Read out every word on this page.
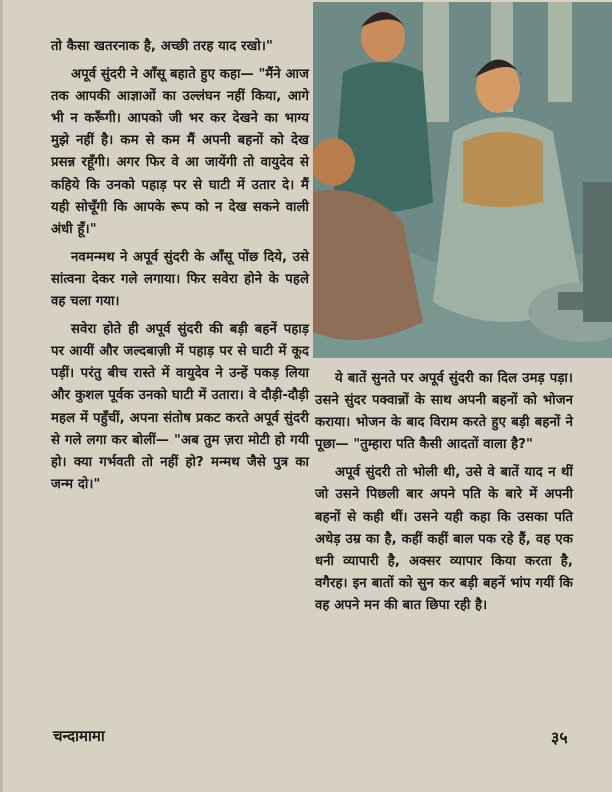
तो कैसा खतरनाक है, अच्छी तरह याद रखो।"

अपूर्व सुंदरी ने आँसू बहाते हुए कहा— "मैंने आज तक आपकी आज्ञाओं का उल्लंघन नहीं किया, आगे भी न करूँगी। आपको जी भर कर देखने का भाग्य मुझे नहीं है। कम से कम मैं अपनी बहनों को देख प्रसन्न रहूँगी। अगर फिर वे आ जायेंगी तो वायुदेव से कहिये कि उनको पहाड़ पर से घाटी में उतार दे। मैं यही सोचूँगी कि आपके रूप को न देख सकने वाली अंधी हूँ।"

नवमन्मथ ने अपूर्व सुंदरी के आँसू पोंछ दिये, उसे सांत्वना देकर गले लगाया। फिर सवेरा होने के पहले वह चला गया।

सवेरा होते ही अपूर्व सुंदरी की बड़ी बहनें पहाड़ पर आयीं और जल्दबाज़ी में पहाड़ पर से घाटी में कूद पड़ीं। परंतु बीच रास्ते में वायुदेव ने उन्हें पकड़ लिया और कुशल पूर्वक उनको घाटी में उतारा। वे दौड़ी-दौड़ी महल में पहुँचीं, अपना संतोष प्रकट करते अपूर्व सुंदरी से गले लगा कर बोलीं— "अब तुम ज़रा मोटी हो गयी हो। क्या गर्भवती तो नहीं हो? मन्मथ जैसे पुत्र का जन्म दो।"

ये बातें सुनते पर अपूर्व सुंदरी का दिल उमड़ पड़ा। उसने सुंदर पक्वान्नों के साथ अपनी बहनों को भोजन कराया। भोजन के बाद विराम करते हुए बड़ी बहनों ने पूछा— "तुम्हारा पति कैसी आदतों वाला है?"

अपूर्व सुंदरी तो भोली थी, उसे वे बातें याद न थीं जो उसने पिछली बार अपने पति के बारे में अपनी बहनों से कही थीं। उसने यही कहा कि उसका पति अधेड़ उम्र का है, कहीं कहीं बाल पक रहे हैं, वह एक धनी व्यापारी है, अक्सर व्यापार किया करता है, वगैरह। इन बातों को सुन कर बड़ी बहनें भांप गयीं कि वह अपने मन की बात छिपा रही है।

चन्दामामा	३५
